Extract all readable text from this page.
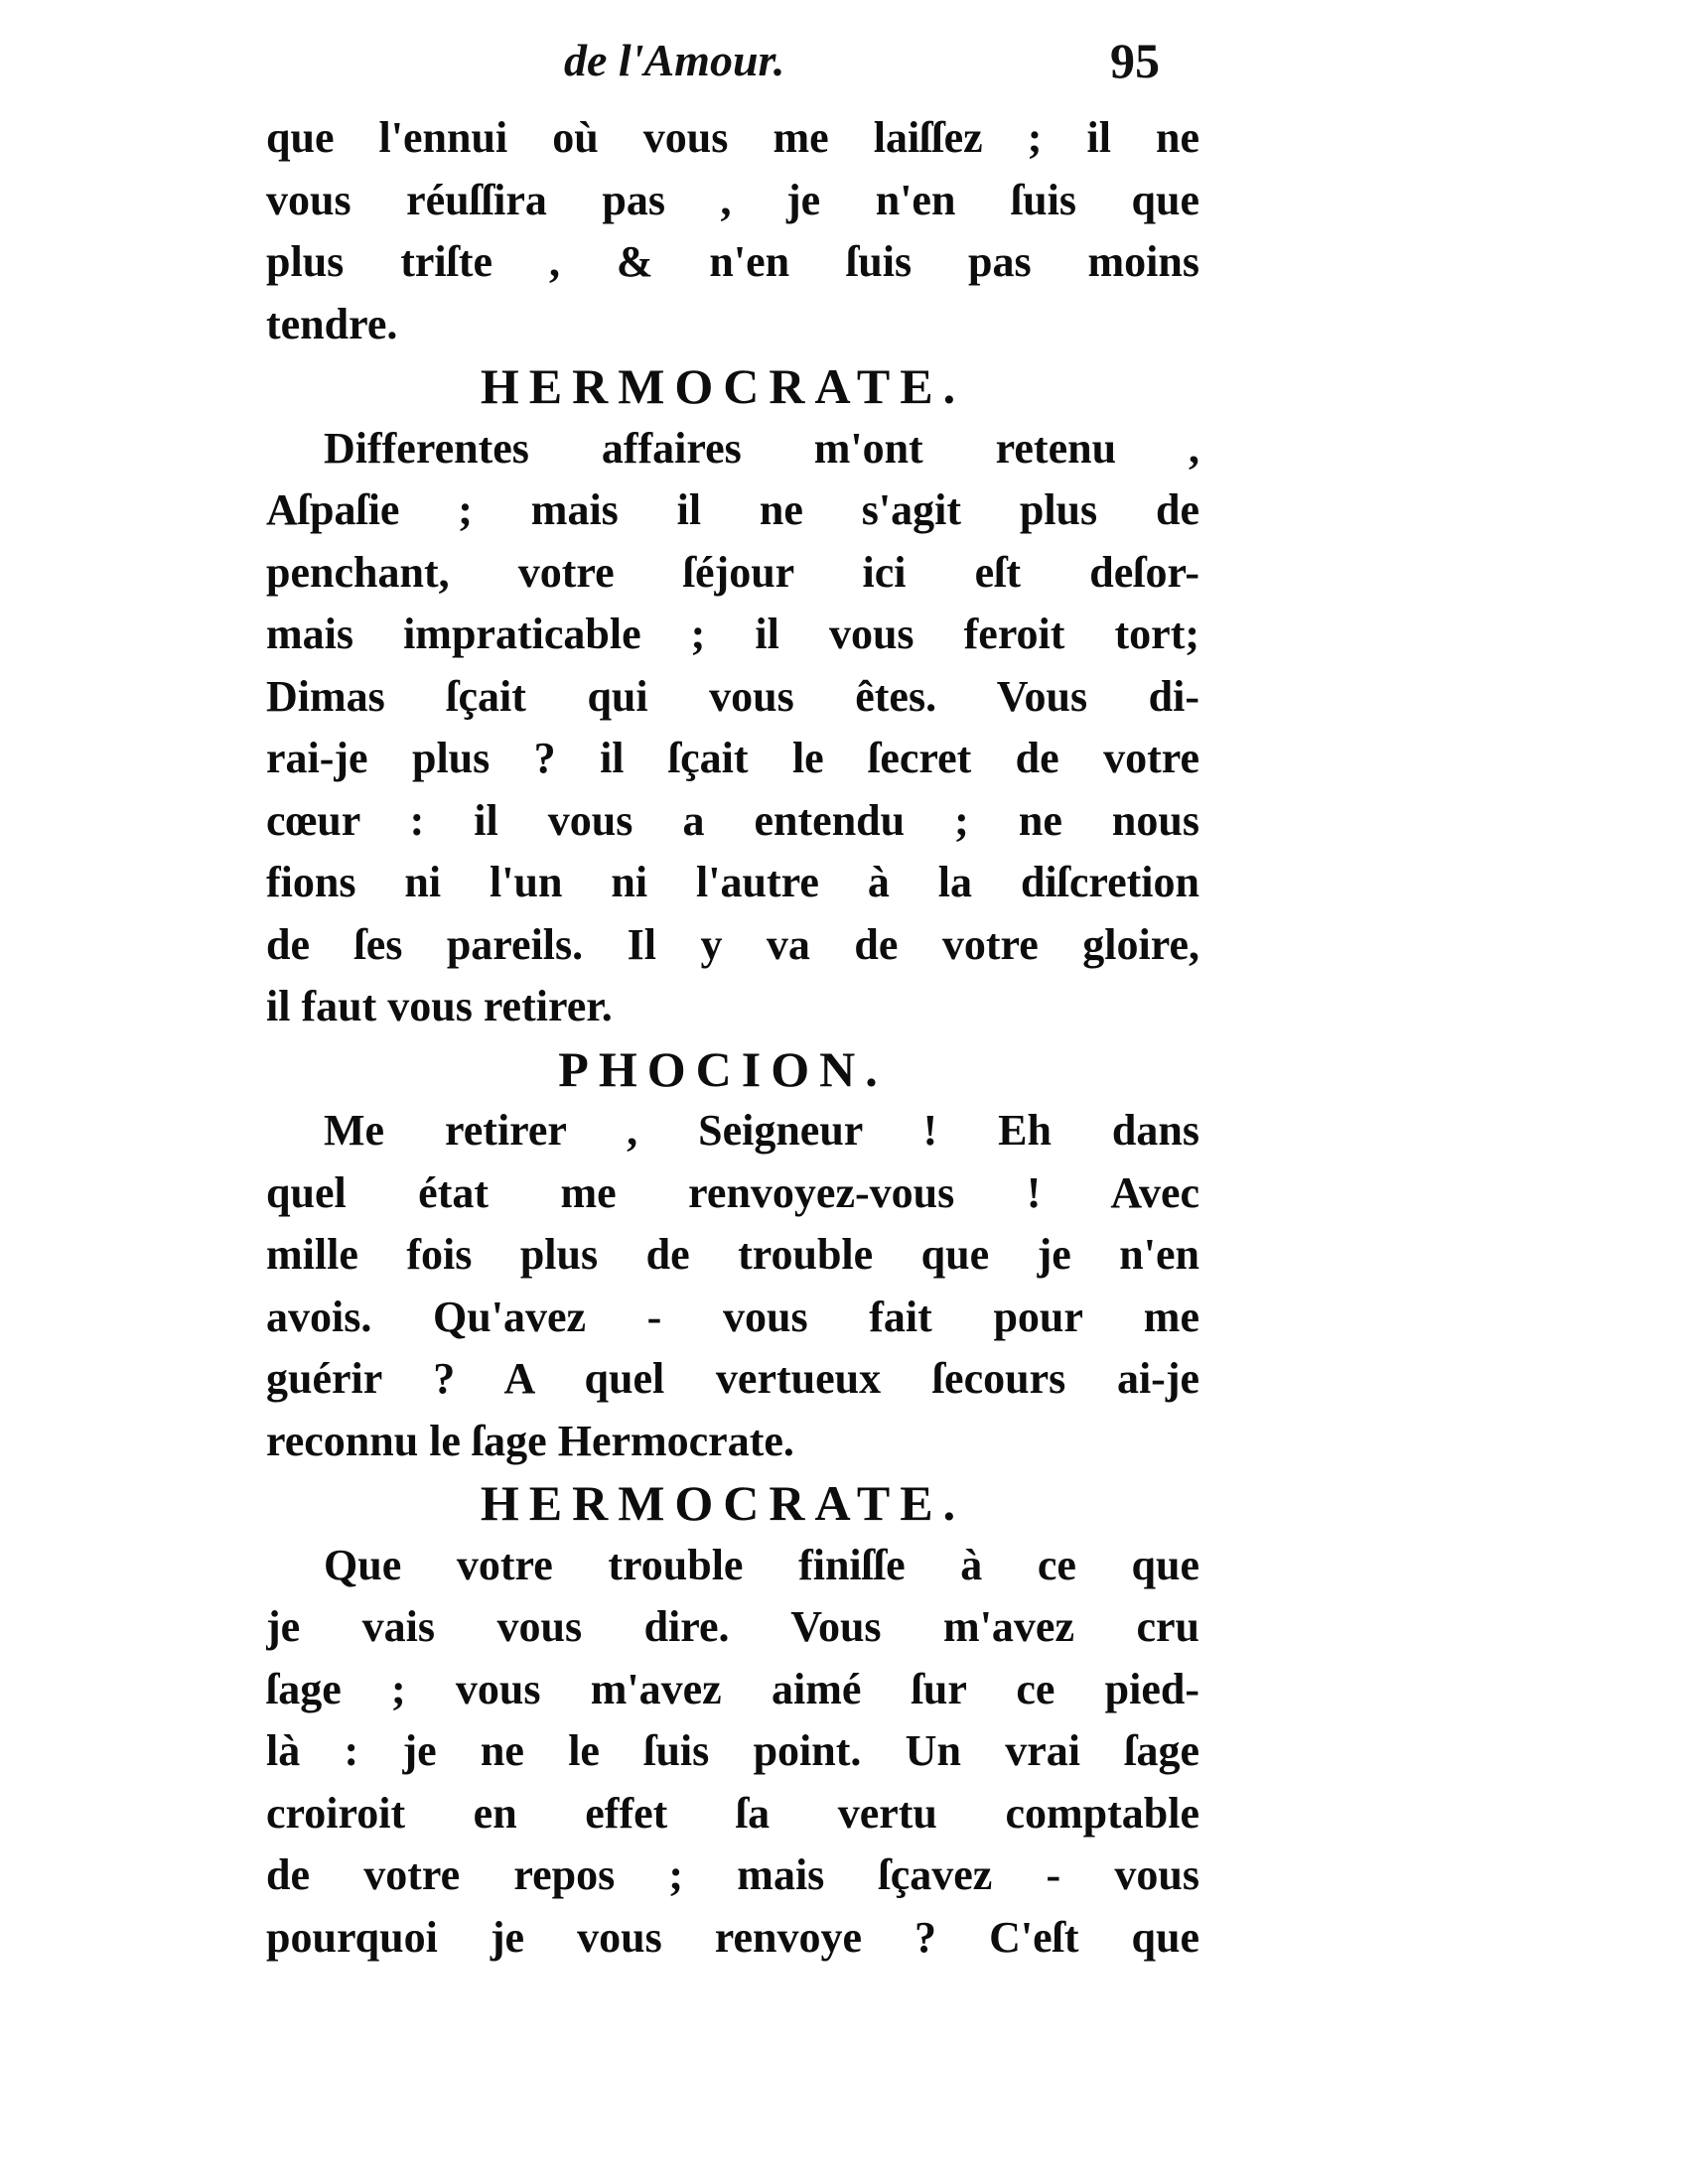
de l'Amour.	95
que l'ennui où vous me laiſſez ; il ne
vous réuſſira pas , je n'en ſuis que
plus triſte , & n'en ſuis pas moins
tendre.
HERMOCRATE.
Differentes affaires m'ont retenu ,
Aſpaſie ; mais il ne s'agit plus de
penchant, votre ſéjour ici eſt deſor-
mais impraticable ; il vous feroit tort;
Dimas ſçait qui vous êtes. Vous di-
rai-je plus ? il ſçait le ſecret de votre
cœur : il vous a entendu ; ne nous
fions ni l'un ni l'autre à la diſcretion
de ſes pareils. Il y va de votre gloire,
il faut vous retirer.
PHOCION.
Me retirer , Seigneur ! Eh dans
quel état me renvoyez-vous ! Avec
mille fois plus de trouble que je n'en
avois. Qu'avez - vous fait pour me
guérir ? A quel vertueux ſecours ai-je
reconnu le ſage Hermocrate.
HERMOCRATE.
Que votre trouble finiſſe à ce que
je vais vous dire. Vous m'avez cru
ſage ; vous m'avez aimé ſur ce pied-
là : je ne le ſuis point. Un vrai ſage
croiroit en effet ſa vertu comptable
de votre repos ; mais ſçavez - vous
pourquoi je vous renvoye ? C'eſt que
